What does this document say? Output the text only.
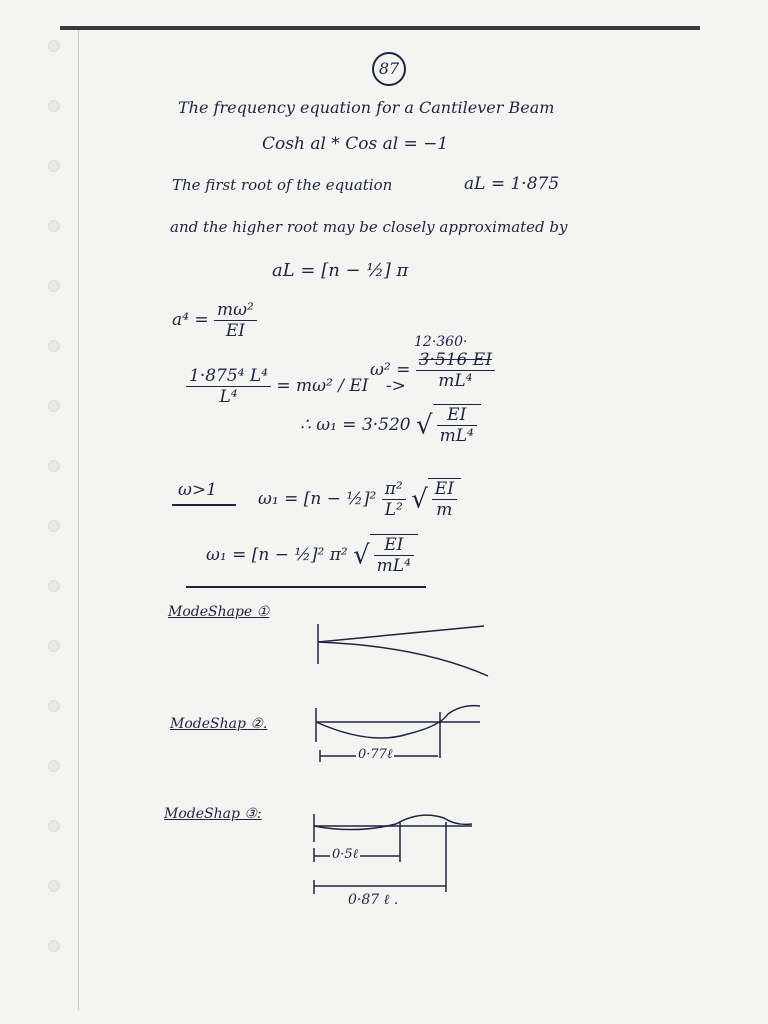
87
The frequency equation for a Cantilever Beam
Cosh al * Cos al = −1
The first root of the equation	aL = 1·875
and the higher root may be closely approximated by
aL = [n − ½] π
$a^4 = \frac{\text{mω²}}{EI}$
$\frac{\text{1·875⁴ L⁴}}{\text{L⁴}} = m\omega^2$ / EI ->
12·360·
$\omega^2 = \frac{3\cdot 516 EI}{\text{mL⁴}}$
∴ ω₁ = 3·520 √ $\frac{EI}{\text{mL⁴}}$
ω>1 ω₁ = [n − ½]² $\frac{\text{π²}}{\text{L²}}$ √ $\frac{EI}{m}$
ω₁ = [n − ½]² π² √ $\frac{EI}{\text{mL⁴}}$
ModeShape ①
ModeShap ②.
0·77ℓ
ModeShap ③:
0·5ℓ
0·87 ℓ .
